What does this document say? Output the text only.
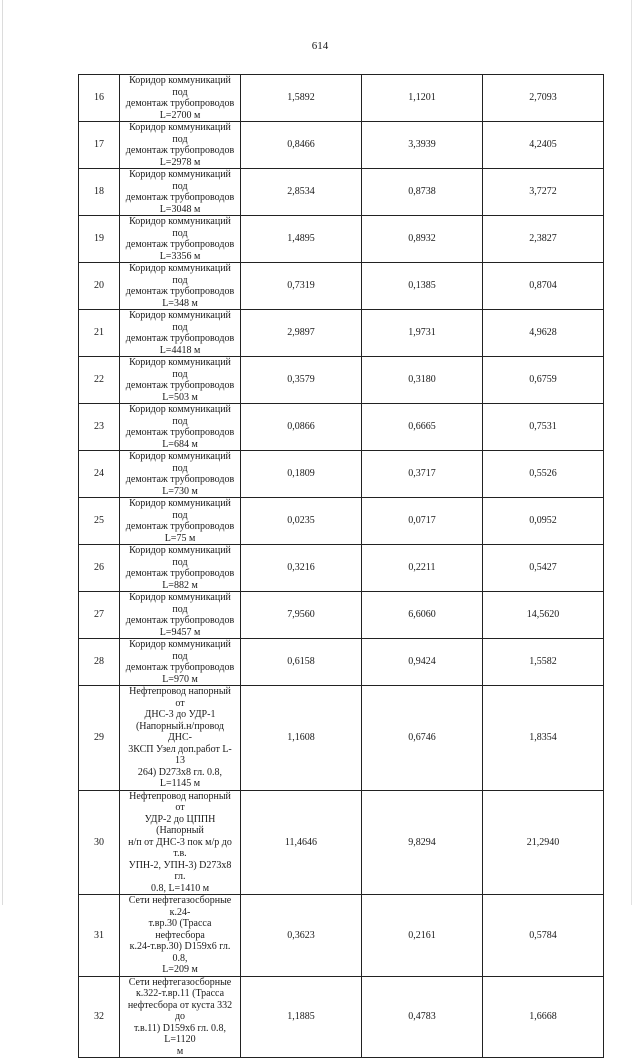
614
16	Коридор коммуникаций под
демонтаж трубопроводов
L=2700 м	1,5892	1,1201	2,7093
17	Коридор коммуникаций под
демонтаж трубопроводов
L=2978 м	0,8466	3,3939	4,2405
18	Коридор коммуникаций под
демонтаж трубопроводов
L=3048 м	2,8534	0,8738	3,7272
19	Коридор коммуникаций под
демонтаж трубопроводов
L=3356 м	1,4895	0,8932	2,3827
20	Коридор коммуникаций под
демонтаж трубопроводов
L=348 м	0,7319	0,1385	0,8704
21	Коридор коммуникаций под
демонтаж трубопроводов
L=4418 м	2,9897	1,9731	4,9628
22	Коридор коммуникаций под
демонтаж трубопроводов
L=503 м	0,3579	0,3180	0,6759
23	Коридор коммуникаций под
демонтаж трубопроводов
L=684 м	0,0866	0,6665	0,7531
24	Коридор коммуникаций под
демонтаж трубопроводов
L=730 м	0,1809	0,3717	0,5526
25	Коридор коммуникаций под
демонтаж трубопроводов
L=75 м	0,0235	0,0717	0,0952
26	Коридор коммуникаций под
демонтаж трубопроводов
L=882 м	0,3216	0,2211	0,5427
27	Коридор коммуникаций под
демонтаж трубопроводов
L=9457 м	7,9560	6,6060	14,5620
28	Коридор коммуникаций под
демонтаж трубопроводов
L=970 м	0,6158	0,9424	1,5582
29	Нефтепровод напорный от
ДНС-3 до УДР-1
(Напорный.н/провод ДНС-
3КСП Узел доп.работ L-13
264) D273x8 гл. 0.8, L=1145 м	1,1608	0,6746	1,8354
30	Нефтепровод напорный от
УДР-2 до ЦППН (Напорный
н/п от ДНС-3 пок м/р до т.в.
УПН-2, УПН-3) D273x8 гл.
0.8, L=1410 м	11,4646	9,8294	21,2940
31	Сети нефтегазосборные к.24-
т.вр.30 (Трасса нефтесбора
к.24-т.вр.30) D159x6 гл. 0.8,
L=209 м	0,3623	0,2161	0,5784
32	Сети нефтегазосборные
к.322-т.вр.11 (Трасса
нефтесбора от куста 332 до
т.в.11) D159x6 гл. 0.8, L=1120
м	1,1885	0,4783	1,6668
